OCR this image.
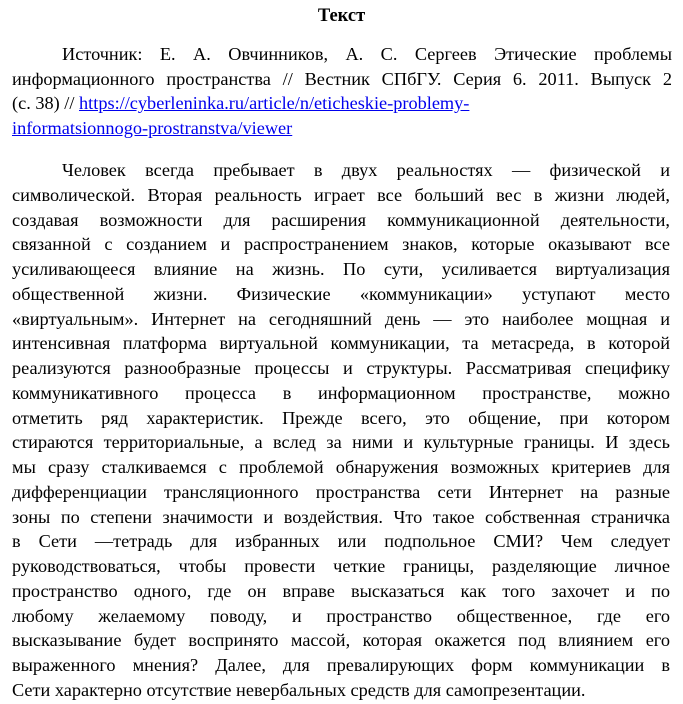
Текст
Источник: Е. А. Овчинников, А. С. Сергеев Этические проблемы
информационного пространства // Вестник СПбГУ. Серия 6. 2011. Выпуск 2
(с. 38) // https://cyberleninka.ru/article/n/eticheskie-problemy-
informatsionnogo-prostranstva/viewer
Человек всегда пребывает в двух реальностях — физической и
символической. Вторая реальность играет все больший вес в жизни людей,
создавая возможности для расширения коммуникационной деятельности,
связанной с созданием и распространением знаков, которые оказывают все
усиливающееся влияние на жизнь. По сути, усиливается виртуализация
общественной жизни. Физические «коммуникации» уступают место
«виртуальным». Интернет на сегодняшний день — это наиболее мощная и
интенсивная платформа виртуальной коммуникации, та метасреда, в которой
реализуются разнообразные процессы и структуры. Рассматривая специфику
коммуникативного процесса в информационном пространстве, можно
отметить ряд характеристик. Прежде всего, это общение, при котором
стираются территориальные, а вслед за ними и культурные границы. И здесь
мы сразу сталкиваемся с проблемой обнаружения возможных критериев для
дифференциации трансляционного пространства сети Интернет на разные
зоны по степени значимости и воздействия. Что такое собственная страничка
в Сети —тетрадь для избранных или подпольное СМИ? Чем следует
руководствоваться, чтобы провести четкие границы, разделяющие личное
пространство одного, где он вправе высказаться как того захочет и по
любому желаемому поводу, и пространство общественное, где его
высказывание будет воспринято массой, которая окажется под влиянием его
выраженного мнения? Далее, для превалирующих форм коммуникации в
Сети характерно отсутствие невербальных средств для самопрезентации.
